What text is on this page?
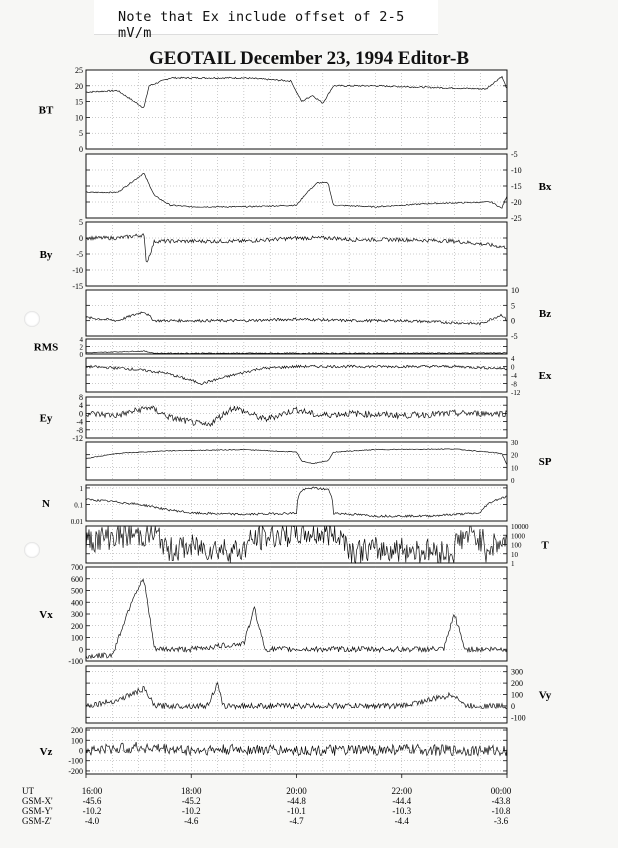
Note that Ex include offset of 2-5 mV/m
GEOTAIL December 23, 1994 Editor-B
25
20
15
10
5
0
BT
-5
-10
-15
-20
-25
Bx
5
0
-5
-10
-15
By
10
5
0
-5
Bz
4
2
0
RMS
4
0
-4
-8
-12
Ex
8
4
0
-4
-8
-12
Ey
30
20
10
0
SP
1
0.1
0.01
N
10000
1000
100
10
1
T
700
600
500
400
300
200
100
0
-100
Vx
300
200
100
0
-100
Vy
200
100
0
-100
-200
Vz
UT
GSM-X'
GSM-Y'
GSM-Z'
16:00
-45.6
-10.2
-4.0
18:00
-45.2
-10.2
-4.6
20:00
-44.8
-10.1
-4.7
22:00
-44.4
-10.3
-4.4
00:00
-43.8
-10.8
-3.6
